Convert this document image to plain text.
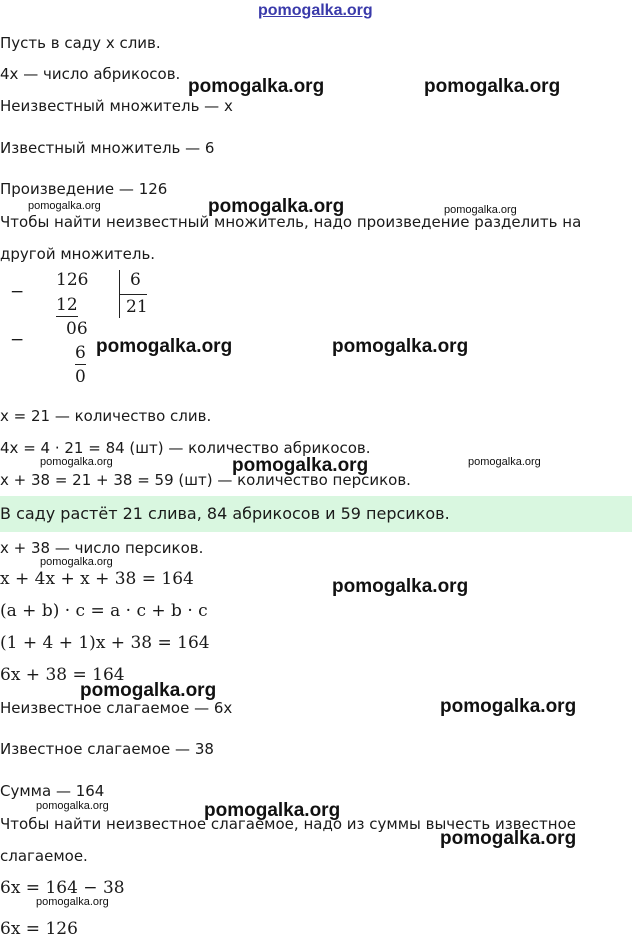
pomogalka.org
Пусть в саду x слив.
4x — число абрикосов.
Неизвестный множитель — x
Известный множитель — 6
Произведение — 126
Чтобы найти неизвестный множитель, надо произведение разделить на
другой множитель.
−
126
12
6
21
−
06
6
0
x = 21 — количество слив.
4x = 4 · 21 = 84 (шт) — количество абрикосов.
x + 38 = 21 + 38 = 59 (шт) — количество персиков.
В саду растёт 21 слива, 84 абрикосов и 59 персиков.
x + 38 — число персиков.
x + 4x + x + 38 = 164
(a + b) · c = a · c + b · c
(1 + 4 + 1)x + 38 = 164
6x + 38 = 164
Неизвестное слагаемое — 6x
Известное слагаемое — 38
Сумма — 164
Чтобы найти неизвестное слагаемое, надо из суммы вычесть известное
слагаемое.
6x = 164 − 38
6x = 126
pomogalka.org	pomogalka.org
pomogalka.org
pomogalka.org	pomogalka.org
pomogalka.org	pomogalka.org
pomogalka.org	pomogalka.org	pomogalka.org
pomogalka.org
pomogalka.org
pomogalka.org
pomogalka.org
pomogalka.org	pomogalka.org
pomogalka.org
pomogalka.org
